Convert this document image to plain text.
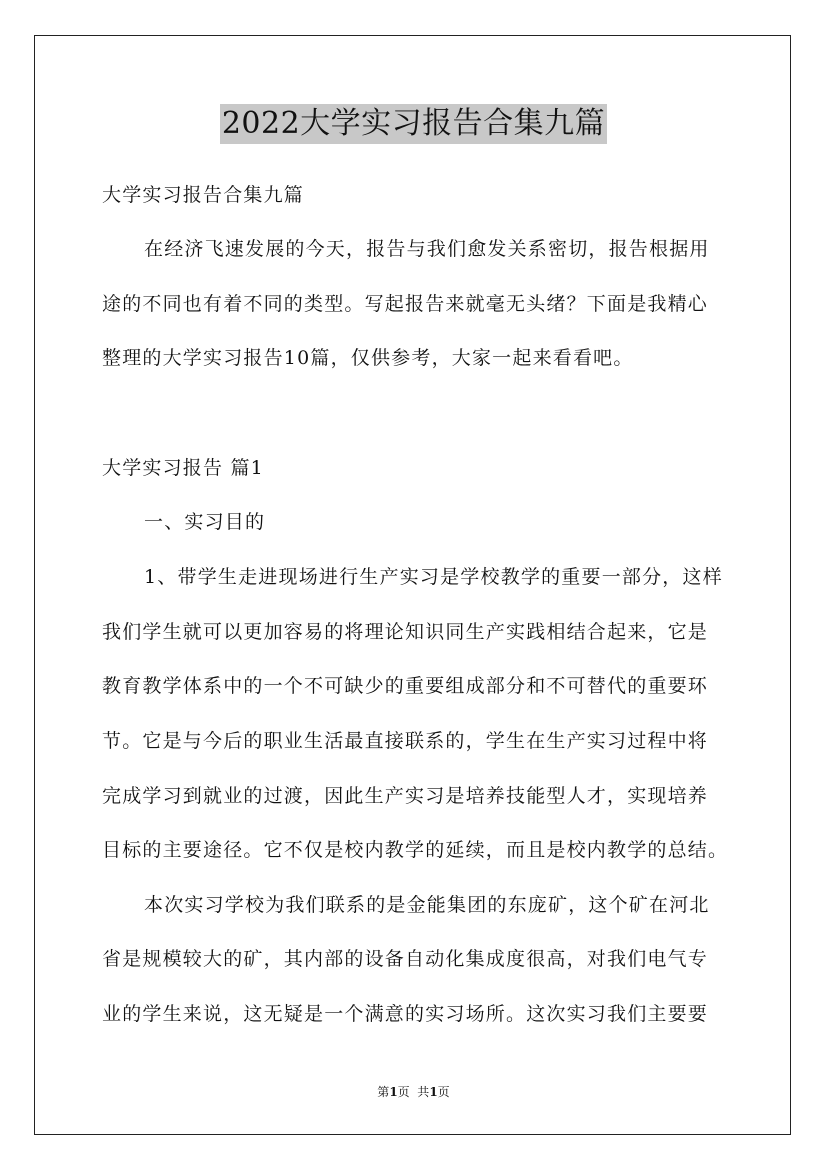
2022大学实习报告合集九篇
大学实习报告合集九篇
在经济飞速发展的今天，报告与我们愈发关系密切，报告根据用
途的不同也有着不同的类型。写起报告来就毫无头绪？下面是我精心
整理的大学实习报告10篇，仅供参考，大家一起来看看吧。
大学实习报告 篇1
一、实习目的
1、带学生走进现场进行生产实习是学校教学的重要一部分，这样
我们学生就可以更加容易的将理论知识同生产实践相结合起来，它是
教育教学体系中的一个不可缺少的重要组成部分和不可替代的重要环
节。它是与今后的职业生活最直接联系的，学生在生产实习过程中将
完成学习到就业的过渡，因此生产实习是培养技能型人才，实现培养
目标的主要途径。它不仅是校内教学的延续，而且是校内教学的总结。
本次实习学校为我们联系的是金能集团的东庞矿，这个矿在河北
省是规模较大的矿，其内部的设备自动化集成度很高，对我们电气专
业的学生来说，这无疑是一个满意的实习场所。这次实习我们主要要
第1页  共1页
